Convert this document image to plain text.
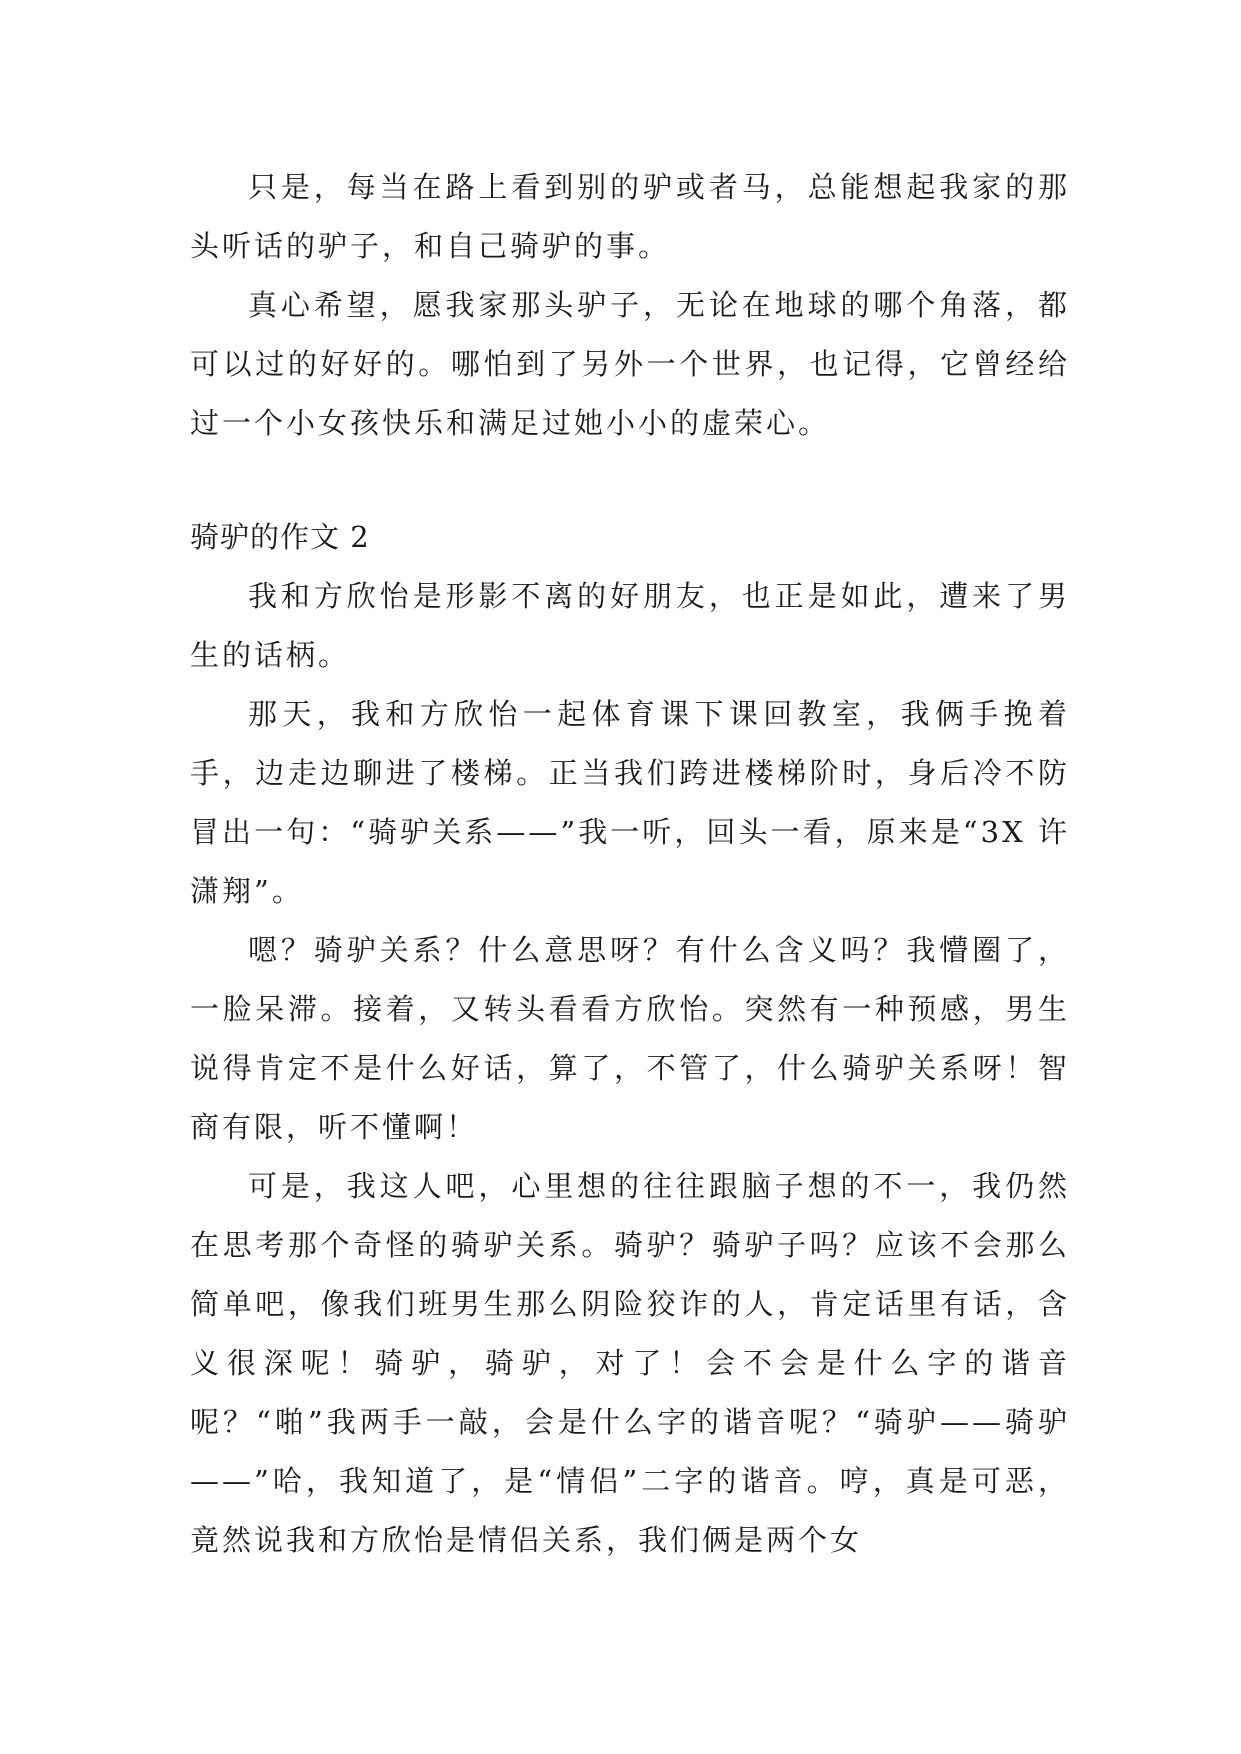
只是，每当在路上看到别的驴或者马，总能想起我家的那头听话的驴子，和自己骑驴的事。

真心希望，愿我家那头驴子，无论在地球的哪个角落，都可以过的好好的。哪怕到了另外一个世界，也记得，它曾经给过一个小女孩快乐和满足过她小小的虚荣心。

骑驴的作文 2

我和方欣怡是形影不离的好朋友，也正是如此，遭来了男生的话柄。

那天，我和方欣怡一起体育课下课回教室，我俩手挽着手，边走边聊进了楼梯。正当我们跨进楼梯阶时，身后冷不防冒出一句：“骑驴关系——”我一听，回头一看，原来是“3X 许潇翔”。

嗯？骑驴关系？什么意思呀？有什么含义吗？我懵圈了，一脸呆滞。接着，又转头看看方欣怡。突然有一种预感，男生说得肯定不是什么好话，算了，不管了，什么骑驴关系呀！智商有限，听不懂啊！

可是，我这人吧，心里想的往往跟脑子想的不一，我仍然在思考那个奇怪的骑驴关系。骑驴？骑驴子吗？应该不会那么简单吧，像我们班男生那么阴险狡诈的人，肯定话里有话，含义很深呢！骑驴，骑驴，对了！会不会是什么字的谐音呢？“啪”我两手一敲，会是什么字的谐音呢？“骑驴——骑驴——”哈，我知道了，是“情侣”二字的谐音。哼，真是可恶，竟然说我和方欣怡是情侣关系，我们俩是两个女
